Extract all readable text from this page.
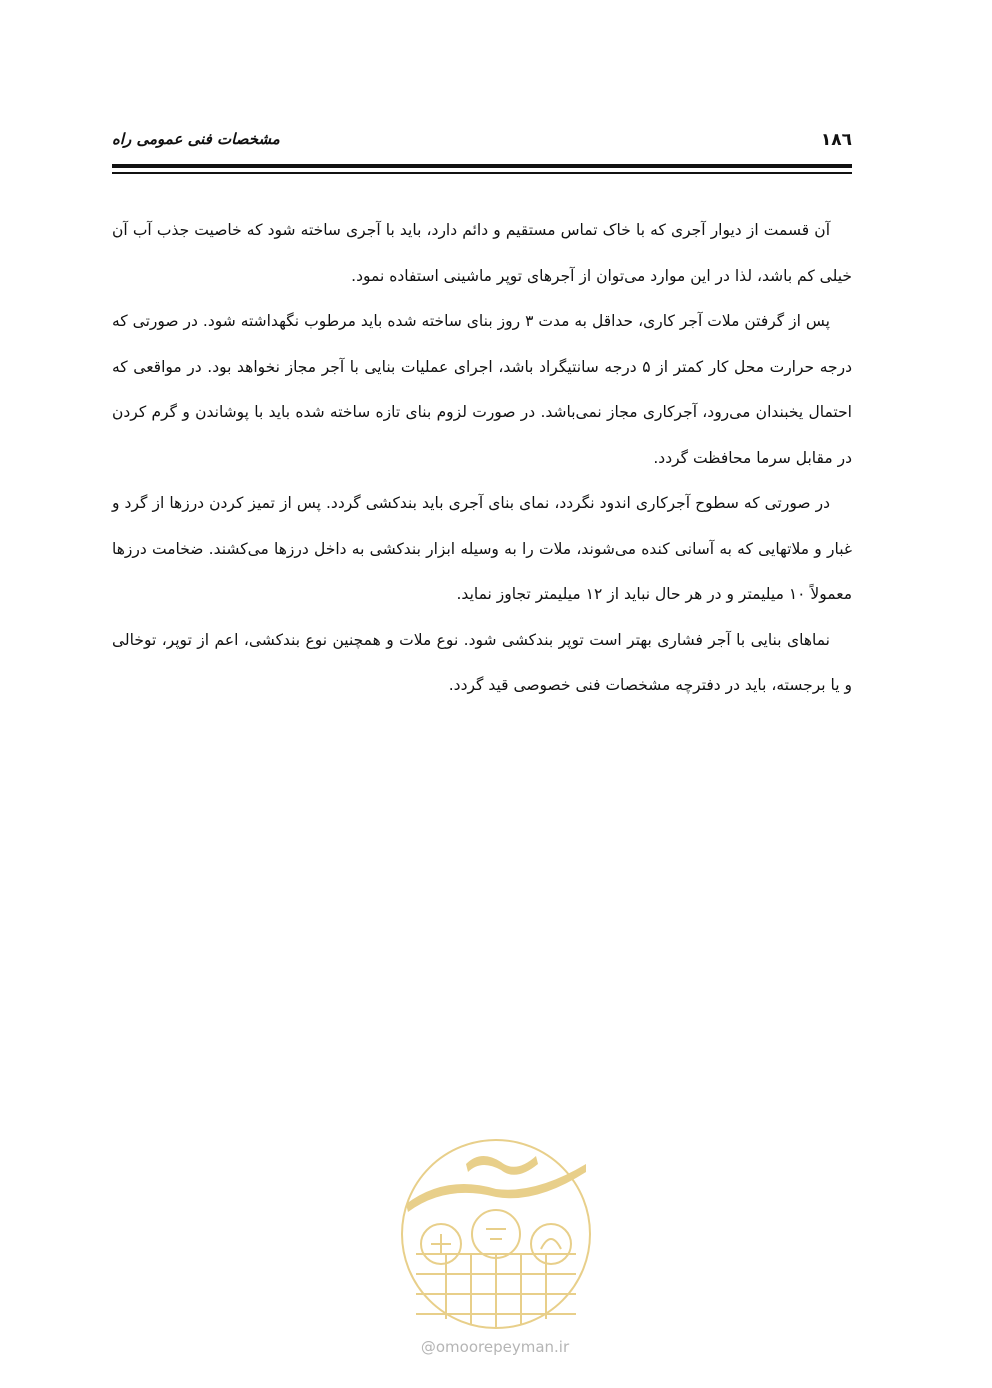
۱۸٦
مشخصات فنی عمومی راه

آن قسمت از دیوار آجری که با خاک تماس مستقیم و دائم دارد، باید با آجری ساخته شود که خاصیت جذب آب آن خیلی کم باشد، لذا در این موارد می‌توان از آجرهای توپر ماشینی استفاده نمود.

پس از گرفتن ملات آجر کاری، حداقل به مدت ۳ روز بنای ساخته شده باید مرطوب نگهداشته شود. در صورتی که درجه حرارت محل کار کمتر از ۵ درجه سانتیگراد باشد، اجرای عملیات بنایی با آجر مجاز نخواهد بود. در مواقعی که احتمال یخبندان می‌رود، آجرکاری مجاز نمی‌باشد. در صورت لزوم بنای تازه ساخته شده باید با پوشاندن و گرم کردن در مقابل سرما محافظت گردد.

در صورتی که سطوح آجرکاری اندود نگردد، نمای بنای آجری باید بندکشی گردد. پس از تمیز کردن درزها از گرد و غبار و ملاتهایی که به آسانی کنده می‌شوند، ملات را به وسیله ابزار بندکشی به داخل درزها می‌کشند. ضخامت درزها معمولاً ۱۰ میلیمتر و در هر حال نباید از ۱۲ میلیمتر تجاوز نماید.

نماهای بنایی با آجر فشاری بهتر است توپر بندکشی شود. نوع ملات و همچنین نوع بندکشی، اعم از توپر، توخالی و یا برجسته، باید در دفترچه مشخصات فنی خصوصی قید گردد.

@omoorepeyman.ir
